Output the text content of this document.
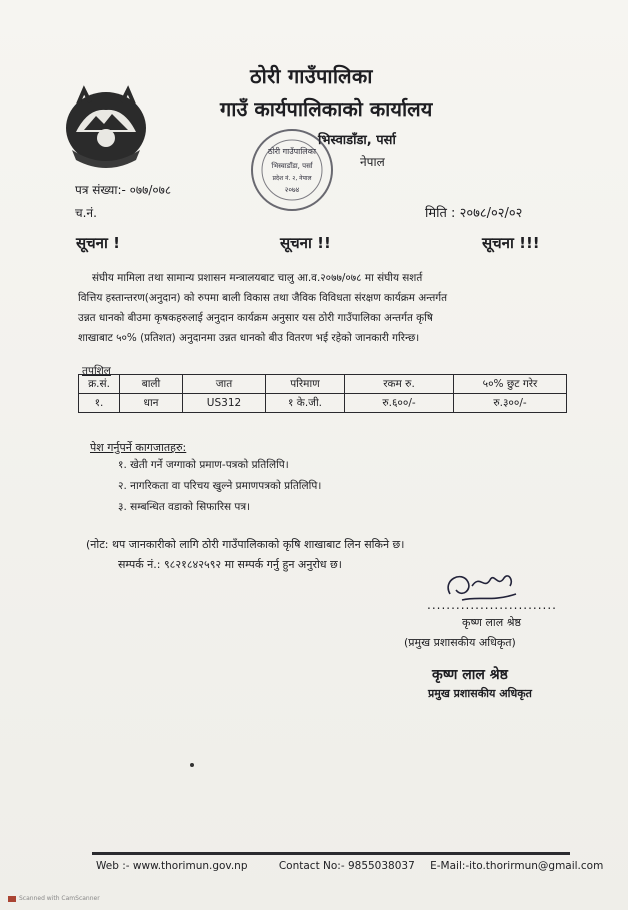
ठोरी गाउँपालिका
गाउँ कार्यपालिकाको कार्यालय
भिस्वाडाँडा, पर्सा
नेपाल
ठोरी गाउँपालिका
भिस्वाडाँडा, पर्सा
प्रदेश नं. २, नेपाल
२०७४
पत्र संख्या:- ०७७/०७८
च.नं.	मिति : २०७८/०२/०२
सूचना !	सूचना !!	सूचना !!!
संघीय मामिला तथा सामान्य प्रशासन मन्त्रालयबाट चालु आ.व.२०७७/०७८ मा संघीय सशर्त
वित्तिय हस्तान्तरण(अनुदान) को रुपमा बाली विकास तथा जैविक विविधता संरक्षण कार्यक्रम अन्तर्गत
उन्नत धानको बीउमा कृषकहरुलाई अनुदान कार्यक्रम अनुसार यस ठोरी गाउँपालिका अन्तर्गत कृषि
शाखाबाट ५०% (प्रतिशत) अनुदानमा उन्नत धानको बीउ वितरण भई रहेको जानकारी गरिन्छ।
तपशिल
क्र.सं.	बाली	जात	परिमाण	रकम रु.	५०% छुट गरेर
१.	धान	US312	१ के.जी.	रु.६००/-	रु.३००/-
पेश गर्नुपर्ने कागजातहरु:
१. खेती गर्ने जग्गाको प्रमाण-पत्रको प्रतिलिपि।
२. नागरिकता वा परिचय खुल्ने प्रमाणपत्रको प्रतिलिपि।
३. सम्बन्धित वडाको सिफारिस पत्र।
(नोट: थप जानकारीको लागि ठोरी गाउँपालिकाको कृषि शाखाबाट लिन सकिने छ।
सम्पर्क नं.: ९८२१८४२५९२ मा सम्पर्क गर्नु हुन अनुरोध छ।
...........................
कृष्ण लाल श्रेष्ठ
(प्रमुख प्रशासकीय अधिकृत)
कृष्ण लाल श्रेष्ठ
प्रमुख प्रशासकीय अधिकृत
Web :- www.thorimun.gov.np	Contact No:- 9855038037 E-Mail:-ito.thorirmun@gmail.com
Scanned with CamScanner
